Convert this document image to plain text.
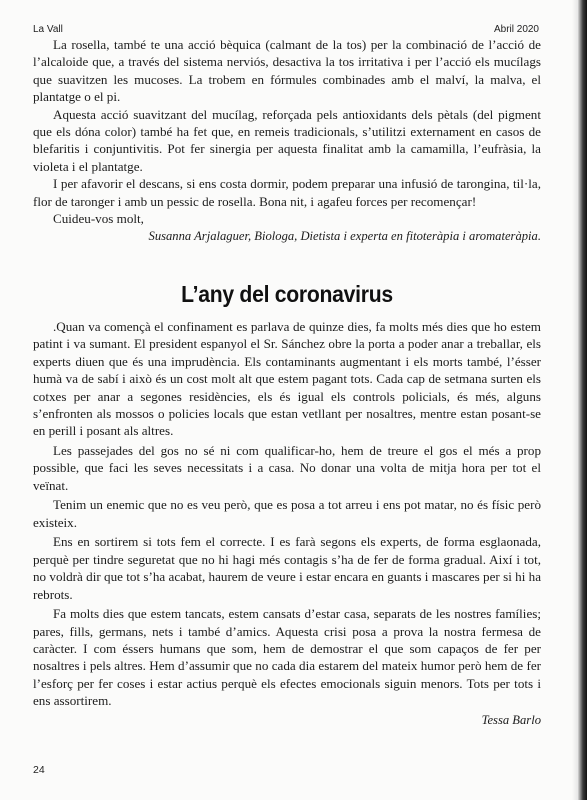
La Vall	Abril 2020

La rosella, també te una acció bèquica (calmant de la tos) per la combinació de l’acció de l’alcaloide que, a través del sistema nerviós, desactiva la tos irritativa i per l’acció els mucílags que suavitzen les mucoses. La trobem en fórmules combinades amb el malví, la malva, el plantatge o el pi.

Aquesta acció suavitzant del mucílag, reforçada pels antioxidants dels pètals (del pigment que els dóna color) també ha fet que, en remeis tradicionals, s’utilitzi externament en casos de blefaritis i conjuntivitis. Pot fer sinergia per aquesta finalitat amb la camamilla, l’eufràsia, la violeta i el plantatge.

I per afavorir el descans, si ens costa dormir, podem preparar una infusió de tarongina, til·la, flor de taronger i amb un pessic de rosella. Bona nit, i agafeu forces per recomençar!

Cuideu-vos molt,

Susanna Arjalaguer, Biologa, Dietista i experta en fitoteràpia i aromateràpia.

L’any del coronavirus

.Quan va començà el confinament es parlava de quinze dies, fa molts més dies que ho estem patint i va sumant. El president espanyol el Sr. Sánchez obre la porta a poder anar a treballar, els experts diuen que és una imprudència. Els contaminants augmentant i els morts també, l’ésser humà va de sabí i això és un cost molt alt que estem pagant tots. Cada cap de setmana surten els cotxes per anar a segones residències, els és igual els controls policials, és més, alguns s’enfronten als mossos o policies locals que estan vetllant per nosaltres, mentre estan posant-se en perill i posant als altres.

Les passejades del gos no sé ni com qualificar-ho, hem de treure el gos el més a prop possible, que faci les seves necessitats i a casa. No donar una volta de mitja hora per tot el veïnat.

Tenim un enemic que no es veu però, que es posa a tot arreu i ens pot matar, no és físic però existeix.

Ens en sortirem si tots fem el correcte. I es farà segons els experts, de forma esglaonada, perquè per tindre seguretat que no hi hagi més contagis s’ha de fer de forma gradual. Així i tot, no voldrà dir que tot s’ha acabat, haurem de veure i estar encara en guants i mascares per si hi ha rebrots.

Fa molts dies que estem tancats, estem cansats d’estar casa, separats de les nostres famílies; pares, fills, germans, nets i també d’amics. Aquesta crisi posa a prova la nostra fermesa de caràcter. I com éssers humans que som, hem de demostrar el que som capaços de fer per nosaltres i pels altres. Hem d’assumir que no cada dia estarem del mateix humor però hem de fer l’esforç per fer coses i estar actius perquè els efectes emocionals siguin menors. Tots per tots i ens assortirem.

Tessa Barlo

24
